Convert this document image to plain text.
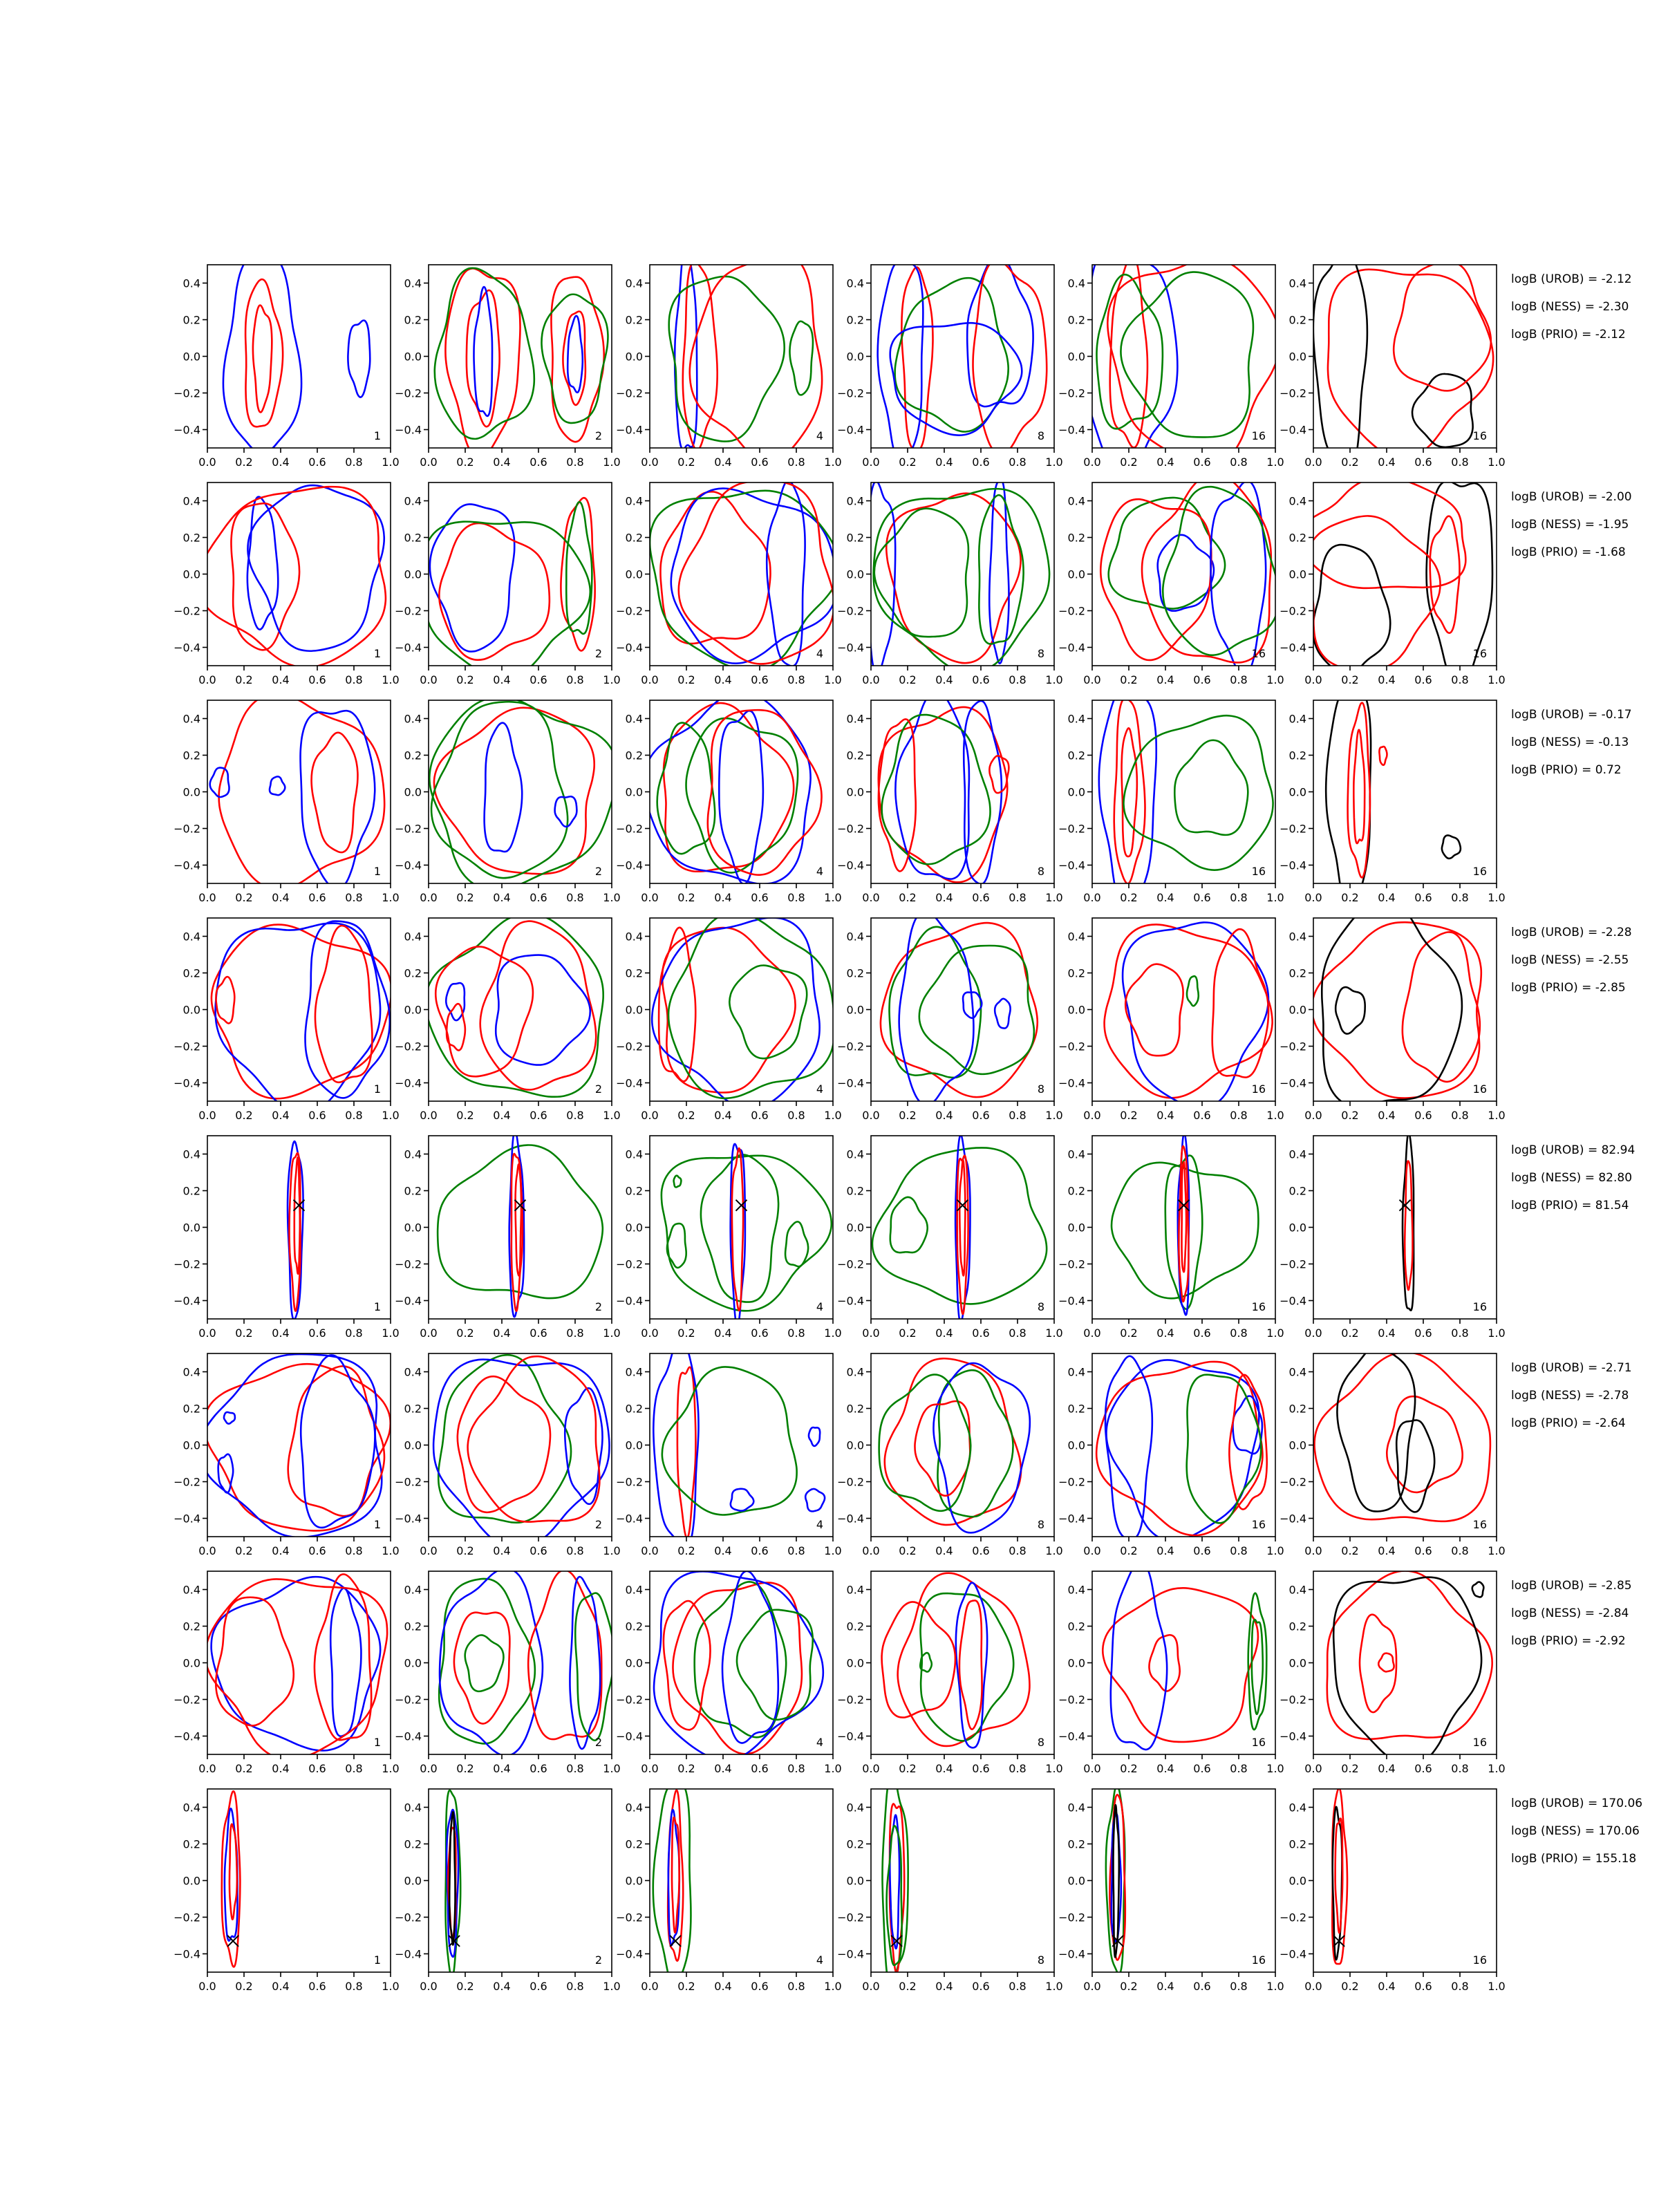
0.0 0.2 0.4 0.6 0.8 1.0
0.4
0.2
0.0
−0.2
−0.4	1
0.0 0.2 0.4 0.6 0.8 1.0
0.4
0.2
0.0
−0.2
−0.4	2
0.0 0.2 0.4 0.6 0.8 1.0
0.4
0.2
0.0
−0.2
−0.4	4
0.0 0.2 0.4 0.6 0.8 1.0
0.4
0.2
0.0
−0.2
−0.4	8
0.0 0.2 0.4 0.6 0.8 1.0
0.4
0.2
0.0
−0.2
−0.4	16
0.0 0.2 0.4 0.6 0.8 1.0
0.4
0.2
0.0
−0.2
−0.4	16
logB (UROB) = -2.12
logB (NESS) = -2.30
logB (PRIO) = -2.12
0.0 0.2 0.4 0.6 0.8 1.0
0.4
0.2
0.0
−0.2
−0.4	1
0.0 0.2 0.4 0.6 0.8 1.0
0.4
0.2
0.0
−0.2
−0.4	2
0.0 0.2 0.4 0.6 0.8 1.0
0.4
0.2
0.0
−0.2
−0.4	4
0.0 0.2 0.4 0.6 0.8 1.0
0.4
0.2
0.0
−0.2
−0.4	8
0.0 0.2 0.4 0.6 0.8 1.0
0.4
0.2
0.0
−0.2
−0.4	16
0.0 0.2 0.4 0.6 0.8 1.0
0.4
0.2
0.0
−0.2
−0.4	16
logB (UROB) = -2.00
logB (NESS) = -1.95
logB (PRIO) = -1.68
0.0 0.2 0.4 0.6 0.8 1.0
0.4
0.2
0.0
−0.2
−0.4	1
0.0 0.2 0.4 0.6 0.8 1.0
0.4
0.2
0.0
−0.2
−0.4	2
0.0 0.2 0.4 0.6 0.8 1.0
0.4
0.2
0.0
−0.2
−0.4	4
0.0 0.2 0.4 0.6 0.8 1.0
0.4
0.2
0.0
−0.2
−0.4	8
0.0 0.2 0.4 0.6 0.8 1.0
0.4
0.2
0.0
−0.2
−0.4	16
0.0 0.2 0.4 0.6 0.8 1.0
0.4
0.2
0.0
−0.2
−0.4	16
logB (UROB) = -0.17
logB (NESS) = -0.13
logB (PRIO) = 0.72
0.0 0.2 0.4 0.6 0.8 1.0
0.4
0.2
0.0
−0.2
−0.4	1
0.0 0.2 0.4 0.6 0.8 1.0
0.4
0.2
0.0
−0.2
−0.4	2
0.0 0.2 0.4 0.6 0.8 1.0
0.4
0.2
0.0
−0.2
−0.4	4
0.0 0.2 0.4 0.6 0.8 1.0
0.4
0.2
0.0
−0.2
−0.4	8
0.0 0.2 0.4 0.6 0.8 1.0
0.4
0.2
0.0
−0.2
−0.4	16
0.0 0.2 0.4 0.6 0.8 1.0
0.4
0.2
0.0
−0.2
−0.4	16
logB (UROB) = -2.28
logB (NESS) = -2.55
logB (PRIO) = -2.85
0.0 0.2 0.4 0.6 0.8 1.0
0.4
0.2
0.0
−0.2
−0.4	1
0.0 0.2 0.4 0.6 0.8 1.0
0.4
0.2
0.0
−0.2
−0.4	2
0.0 0.2 0.4 0.6 0.8 1.0
0.4
0.2
0.0
−0.2
−0.4	4
0.0 0.2 0.4 0.6 0.8 1.0
0.4
0.2
0.0
−0.2
−0.4	8
0.0 0.2 0.4 0.6 0.8 1.0
0.4
0.2
0.0
−0.2
−0.4	16
0.0 0.2 0.4 0.6 0.8 1.0
0.4
0.2
0.0
−0.2
−0.4	16
logB (UROB) = 82.94
logB (NESS) = 82.80
logB (PRIO) = 81.54
0.0 0.2 0.4 0.6 0.8 1.0
0.4
0.2
0.0
−0.2
−0.4	1
0.0 0.2 0.4 0.6 0.8 1.0
0.4
0.2
0.0
−0.2
−0.4	2
0.0 0.2 0.4 0.6 0.8 1.0
0.4
0.2
0.0
−0.2
−0.4	4
0.0 0.2 0.4 0.6 0.8 1.0
0.4
0.2
0.0
−0.2
−0.4	8
0.0 0.2 0.4 0.6 0.8 1.0
0.4
0.2
0.0
−0.2
−0.4	16
0.0 0.2 0.4 0.6 0.8 1.0
0.4
0.2
0.0
−0.2
−0.4	16
logB (UROB) = -2.71
logB (NESS) = -2.78
logB (PRIO) = -2.64
0.0 0.2 0.4 0.6 0.8 1.0
0.4
0.2
0.0
−0.2
−0.4	1
0.0 0.2 0.4 0.6 0.8 1.0
0.4
0.2
0.0
−0.2
−0.4	2
0.0 0.2 0.4 0.6 0.8 1.0
0.4
0.2
0.0
−0.2
−0.4	4
0.0 0.2 0.4 0.6 0.8 1.0
0.4
0.2
0.0
−0.2
−0.4	8
0.0 0.2 0.4 0.6 0.8 1.0
0.4
0.2
0.0
−0.2
−0.4	16
0.0 0.2 0.4 0.6 0.8 1.0
0.4
0.2
0.0
−0.2
−0.4	16
logB (UROB) = -2.85
logB (NESS) = -2.84
logB (PRIO) = -2.92
0.0 0.2 0.4 0.6 0.8 1.0
0.4
0.2
0.0
−0.2
−0.4	1
0.0 0.2 0.4 0.6 0.8 1.0
0.4
0.2
0.0
−0.2
−0.4	2
0.0 0.2 0.4 0.6 0.8 1.0
0.4
0.2
0.0
−0.2
−0.4	4
0.0 0.2 0.4 0.6 0.8 1.0
0.4
0.2
0.0
−0.2
−0.4	8
0.0 0.2 0.4 0.6 0.8 1.0
0.4
0.2
0.0
−0.2
−0.4	16
0.0 0.2 0.4 0.6 0.8 1.0
0.4
0.2
0.0
−0.2
−0.4	16
logB (UROB) = 170.06
logB (NESS) = 170.06
logB (PRIO) = 155.18
